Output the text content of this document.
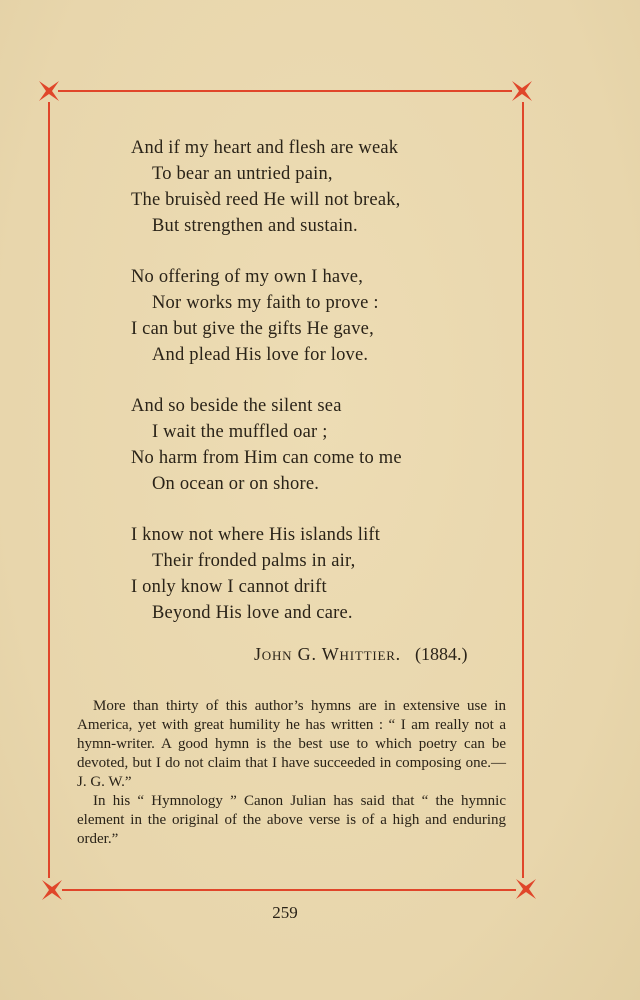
And if my heart and flesh are weak
To bear an untried pain,
The bruisèd reed He will not break,
But strengthen and sustain.
No offering of my own I have,
Nor works my faith to prove :
I can but give the gifts He gave,
And plead His love for love.
And so beside the silent sea
I wait the muffled oar ;
No harm from Him can come to me
On ocean or on shore.
I know not where His islands lift
Their fronded palms in air,
I only know I cannot drift
Beyond His love and care.
John G. Whittier. (1884.)

More than thirty of this author’s hymns are in extensive use in America, yet with great humility he has written : “ I am really not a hymn-writer. A good hymn is the best use to which poetry can be devoted, but I do not claim that I have succeeded in composing one.—J. G. W.”

In his “ Hymnology ” Canon Julian has said that “ the hymnic element in the original of the above verse is of a high and enduring order.”

259
